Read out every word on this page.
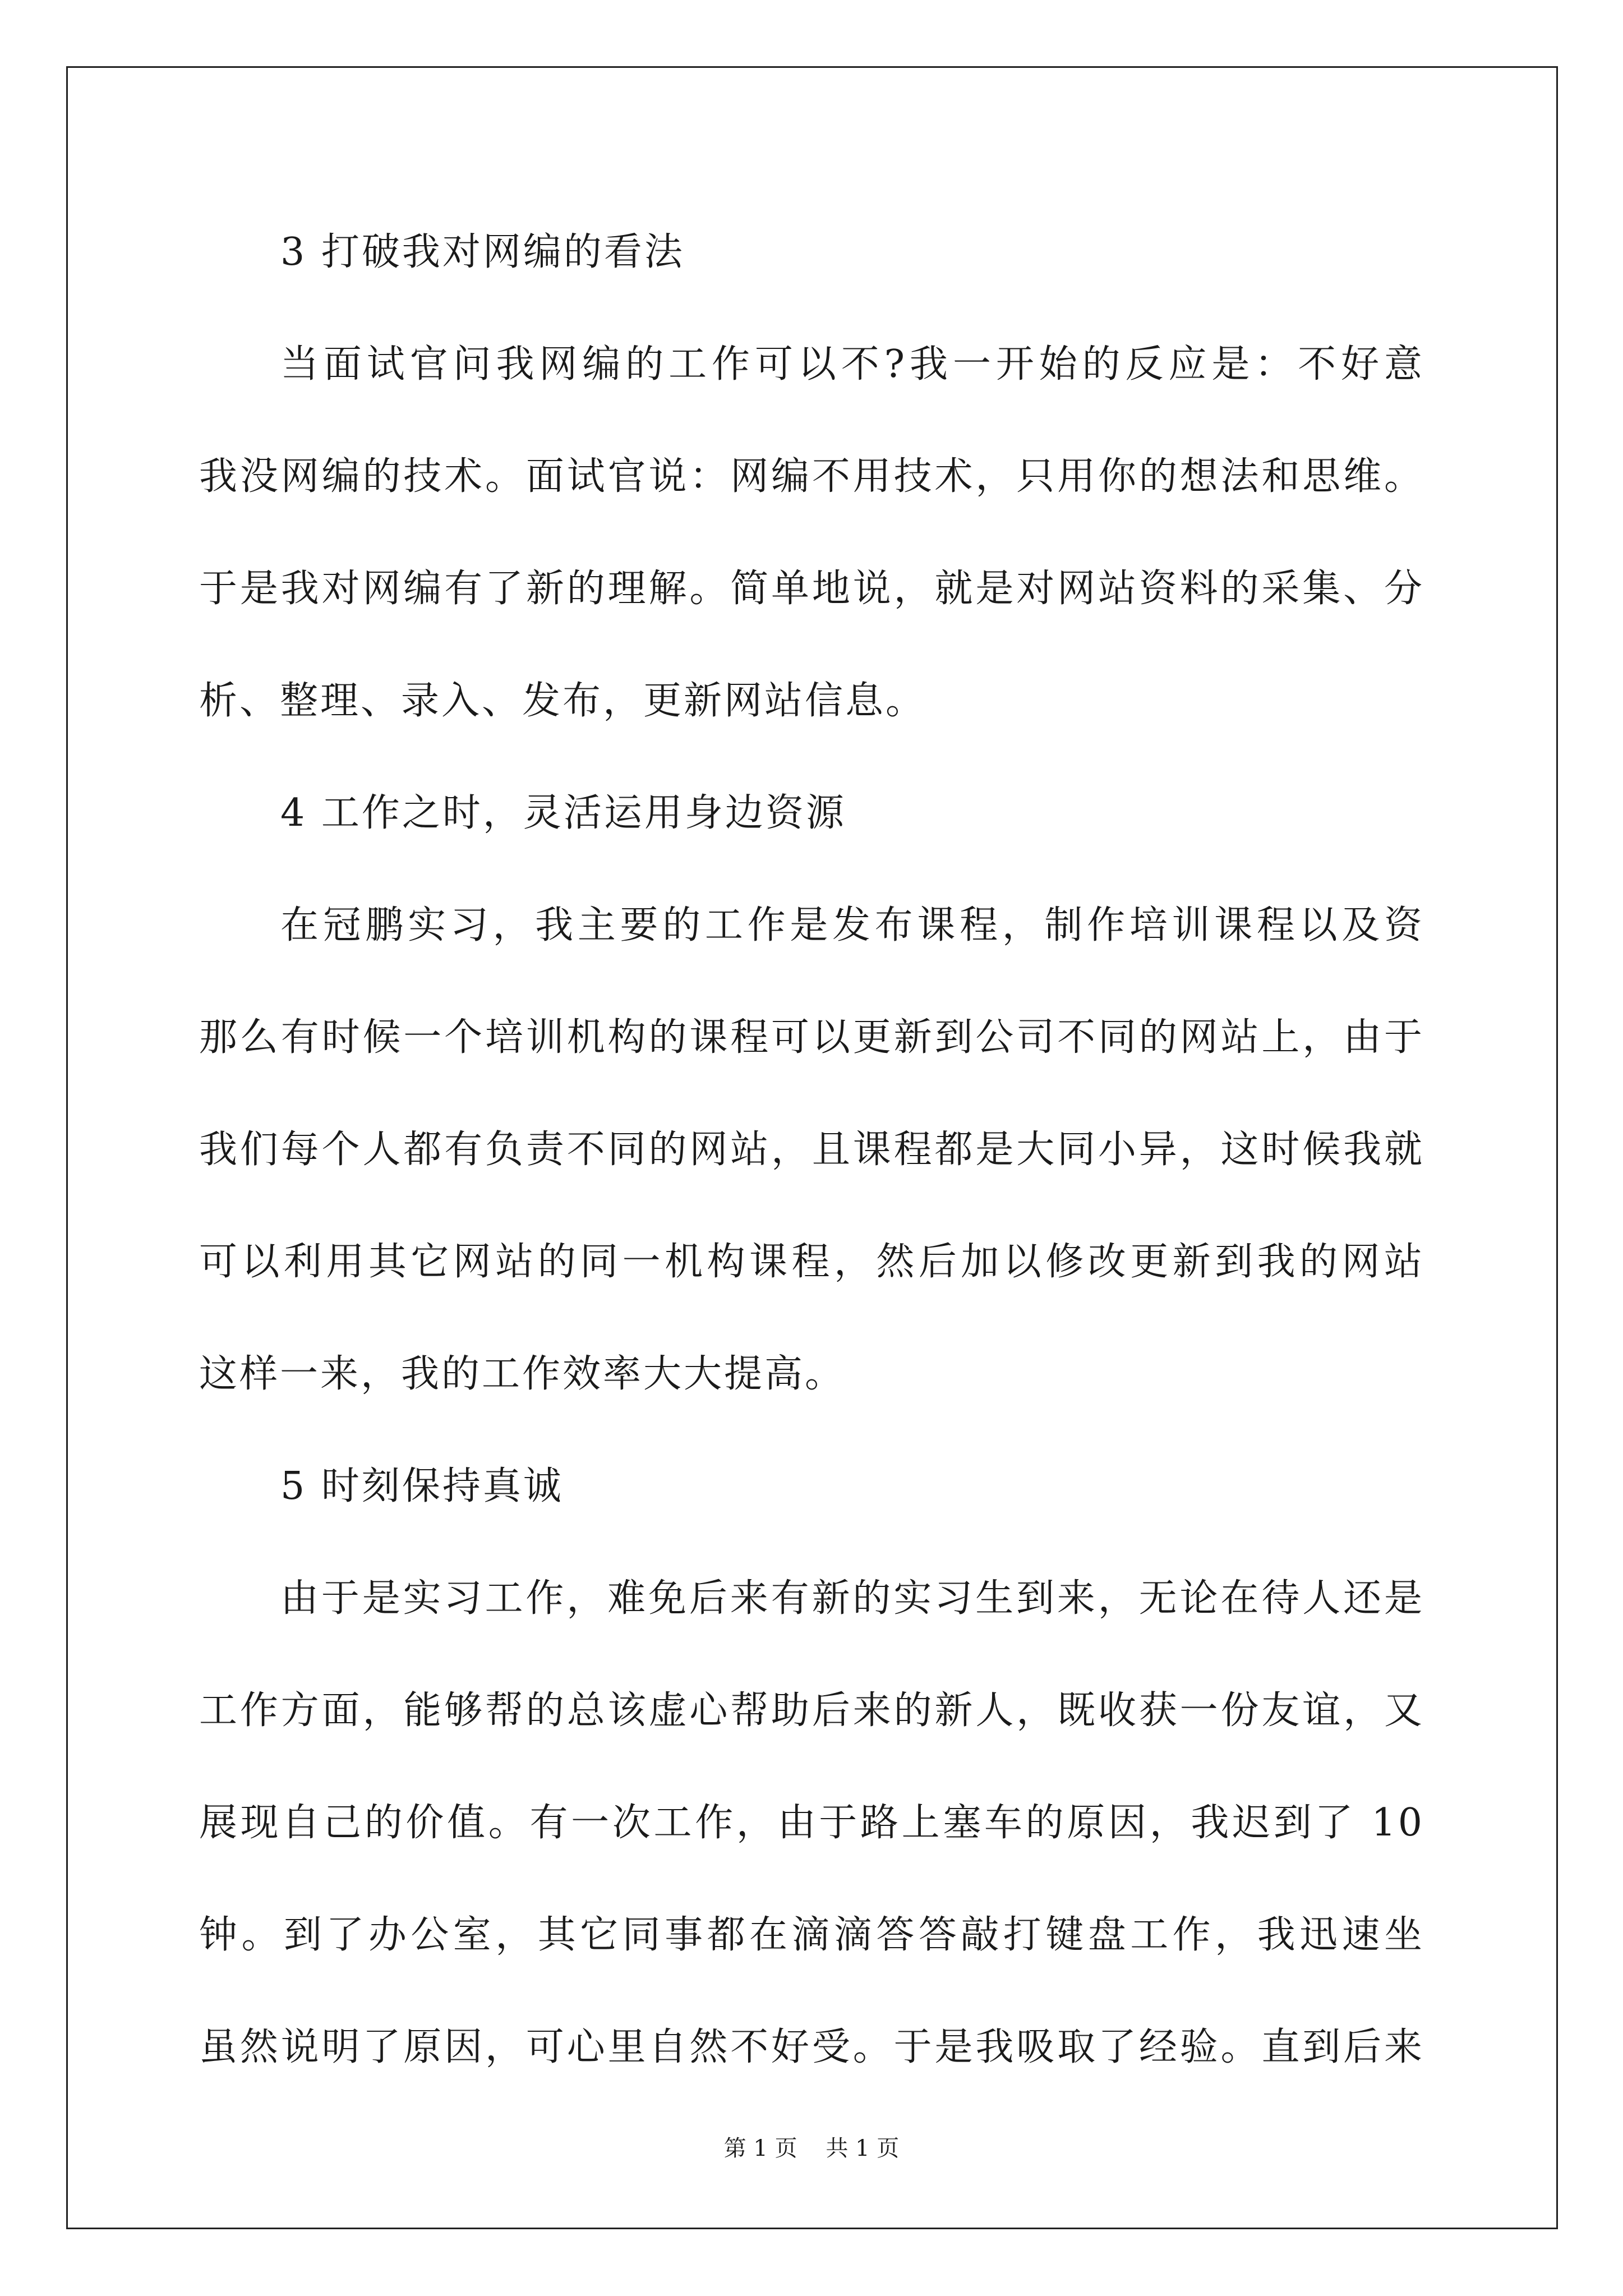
3 打破我对网编的看法
当面试官问我网编的工作可以不?我一开始的反应是：不好意
我没网编的技术。面试官说：网编不用技术，只用你的想法和思维。
于是我对网编有了新的理解。简单地说，就是对网站资料的采集、分
析、整理、录入、发布，更新网站信息。
4 工作之时，灵活运用身边资源
在冠鹏实习，我主要的工作是发布课程，制作培训课程以及资
那么有时候一个培训机构的课程可以更新到公司不同的网站上，由于
我们每个人都有负责不同的网站，且课程都是大同小异，这时候我就
可以利用其它网站的同一机构课程，然后加以修改更新到我的网站
这样一来，我的工作效率大大提高。
5 时刻保持真诚
由于是实习工作，难免后来有新的实习生到来，无论在待人还是
工作方面，能够帮的总该虚心帮助后来的新人，既收获一份友谊，又
展现自己的价值。有一次工作，由于路上塞车的原因，我迟到了 10
钟。到了办公室，其它同事都在滴滴答答敲打键盘工作，我迅速坐
虽然说明了原因，可心里自然不好受。于是我吸取了经验。直到后来
第 1 页    共 1 页
